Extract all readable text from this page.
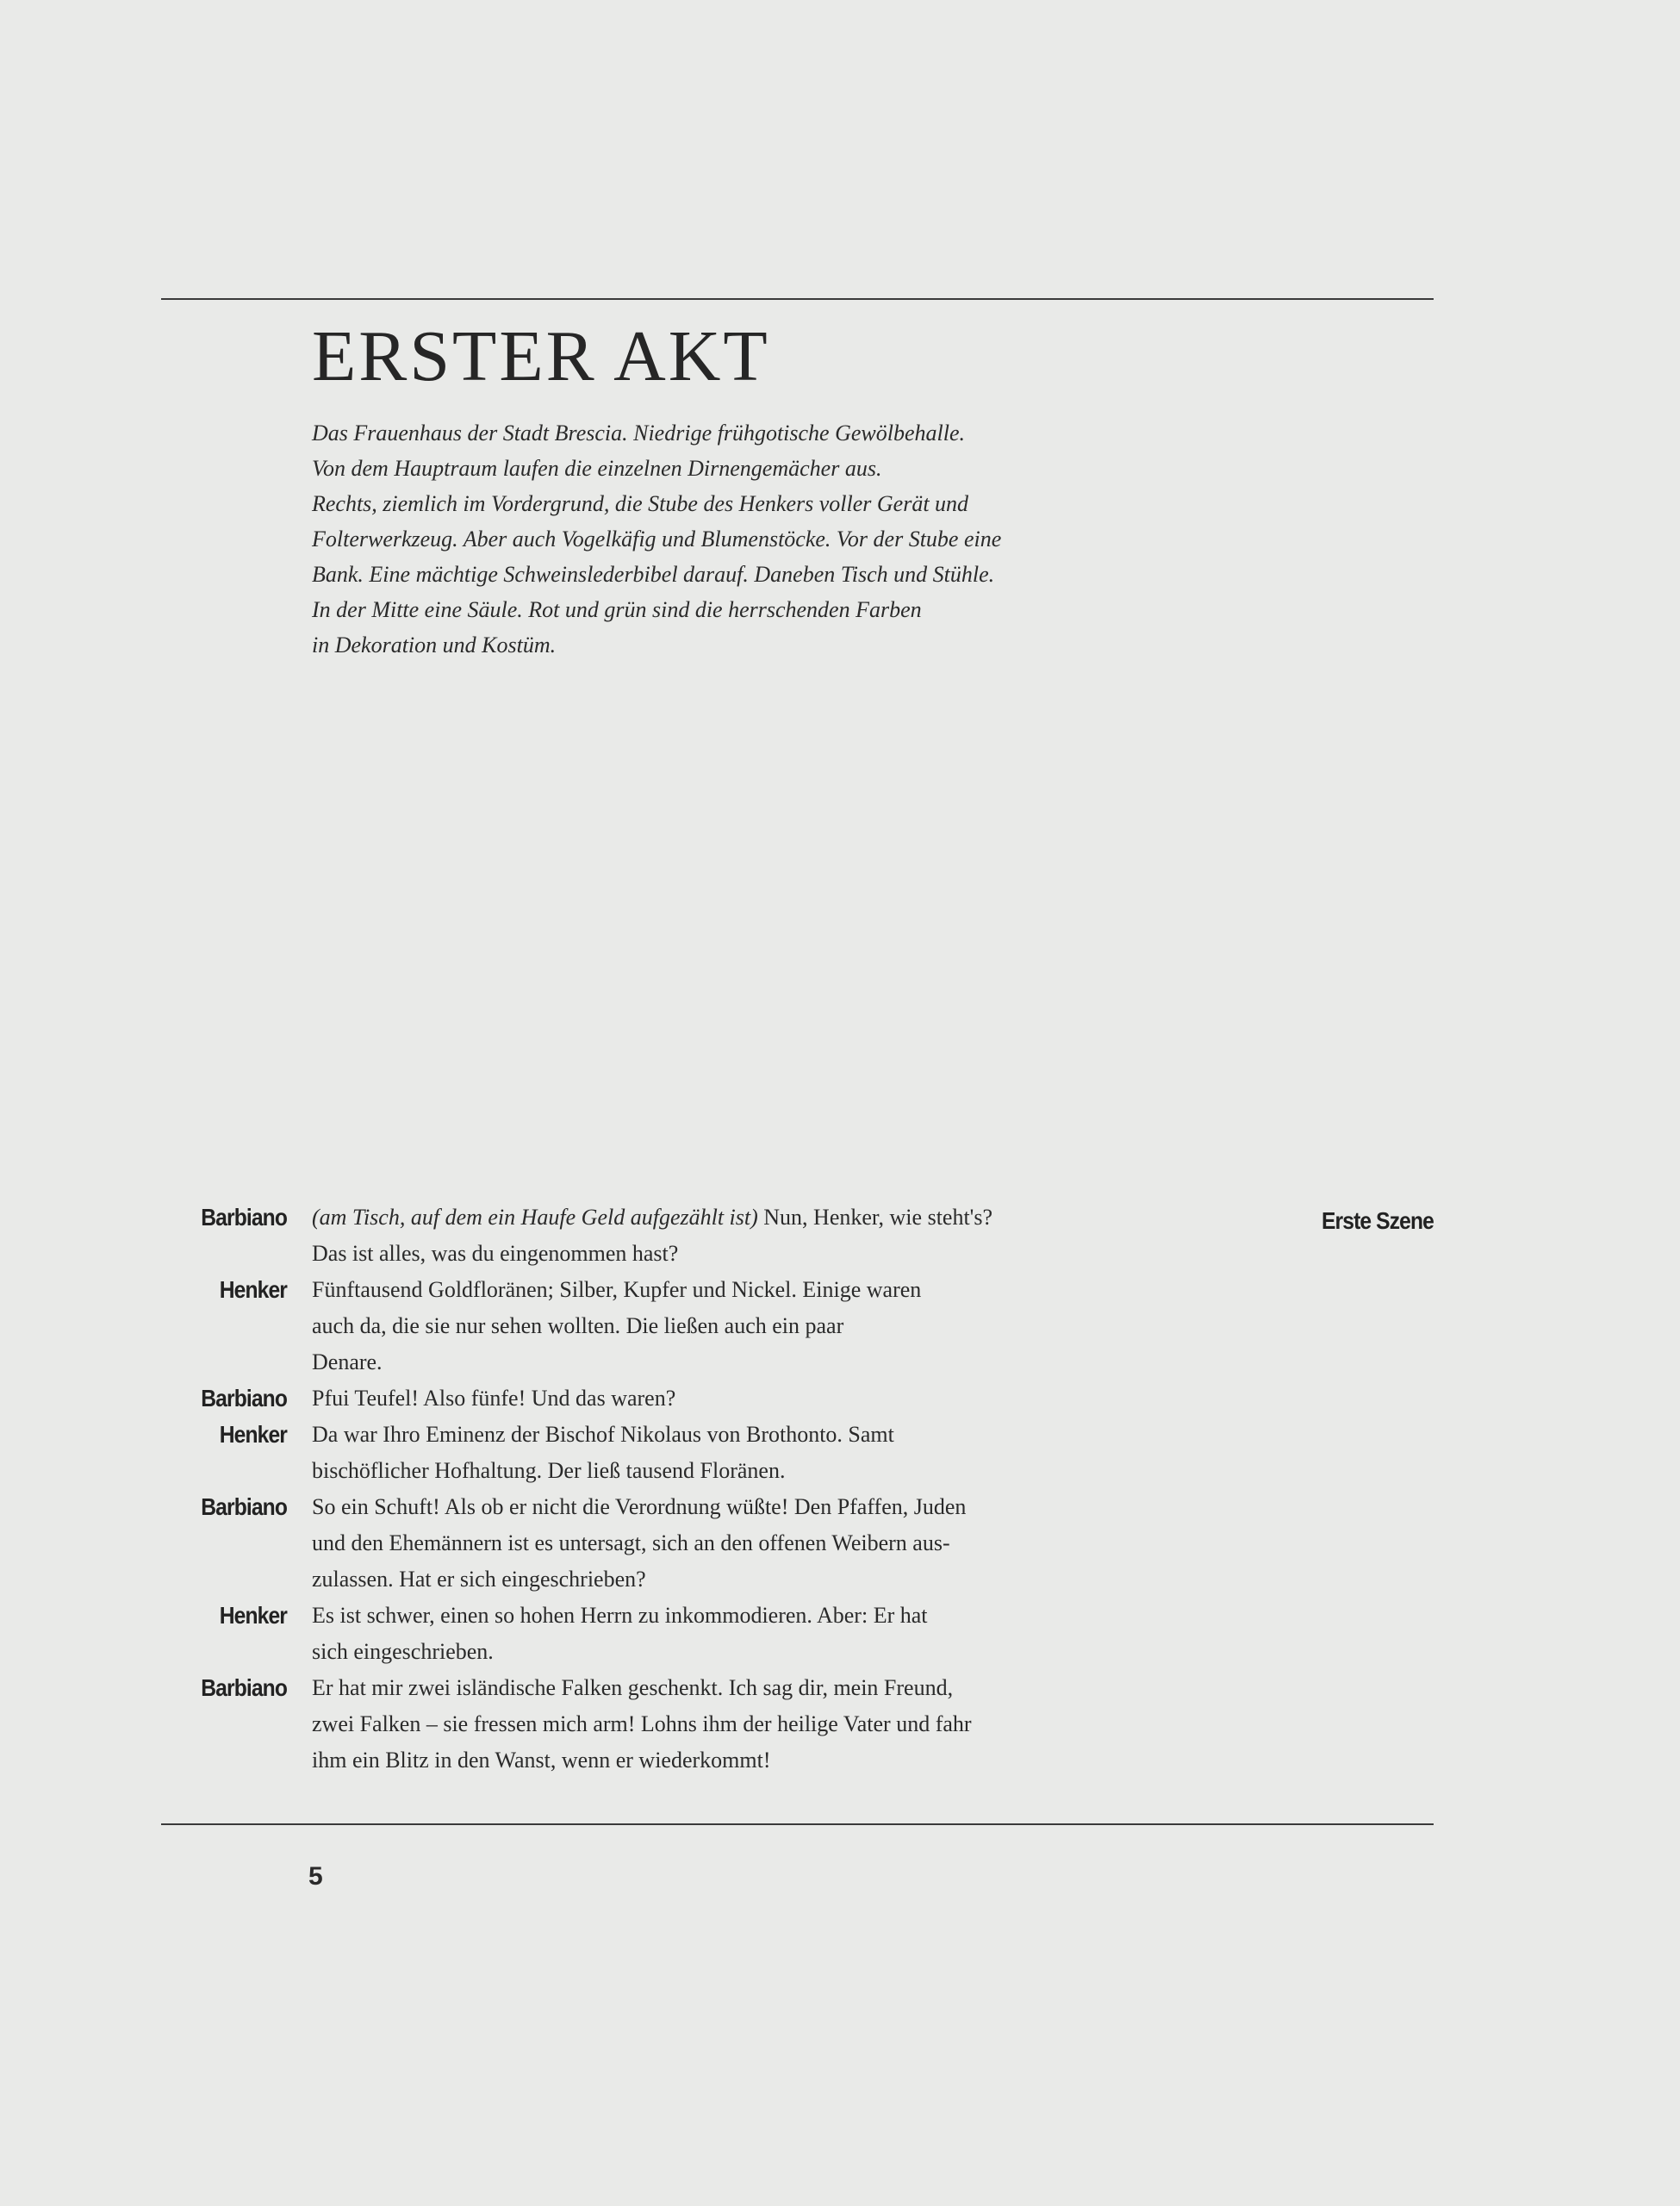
ERSTER AKT
Das Frauenhaus der Stadt Brescia. Niedrige frühgotische Gewölbehalle.
Von dem Hauptraum laufen die einzelnen Dirnengemächer aus.
Rechts, ziemlich im Vordergrund, die Stube des Henkers voller Gerät und
Folterwerkzeug. Aber auch Vogelkäfig und Blumenstöcke. Vor der Stube eine
Bank. Eine mächtige Schweinslederbibel darauf. Daneben Tisch und Stühle.
In der Mitte eine Säule. Rot und grün sind die herrschenden Farben
in Dekoration und Kostüm.
Erste Szene
Barbiano (am Tisch, auf dem ein Haufe Geld aufgezählt ist) Nun, Henker, wie steht's?
Das ist alles, was du eingenommen hast?
Henker Fünftausend Goldfloränen; Silber, Kupfer und Nickel. Einige waren
auch da, die sie nur sehen wollten. Die ließen auch ein paar
Denare.
Barbiano Pfui Teufel! Also fünfe! Und das waren?
Henker Da war Ihro Eminenz der Bischof Nikolaus von Brothonto. Samt
bischöflicher Hofhaltung. Der ließ tausend Floränen.
Barbiano So ein Schuft! Als ob er nicht die Verordnung wüßte! Den Pfaffen, Juden
und den Ehemännern ist es untersagt, sich an den offenen Weibern aus-
zulassen. Hat er sich eingeschrieben?
Henker Es ist schwer, einen so hohen Herrn zu inkommodieren. Aber: Er hat
sich eingeschrieben.
Barbiano Er hat mir zwei isländische Falken geschenkt. Ich sag dir, mein Freund,
zwei Falken – sie fressen mich arm! Lohns ihm der heilige Vater und fahr
ihm ein Blitz in den Wanst, wenn er wiederkommt!
5
